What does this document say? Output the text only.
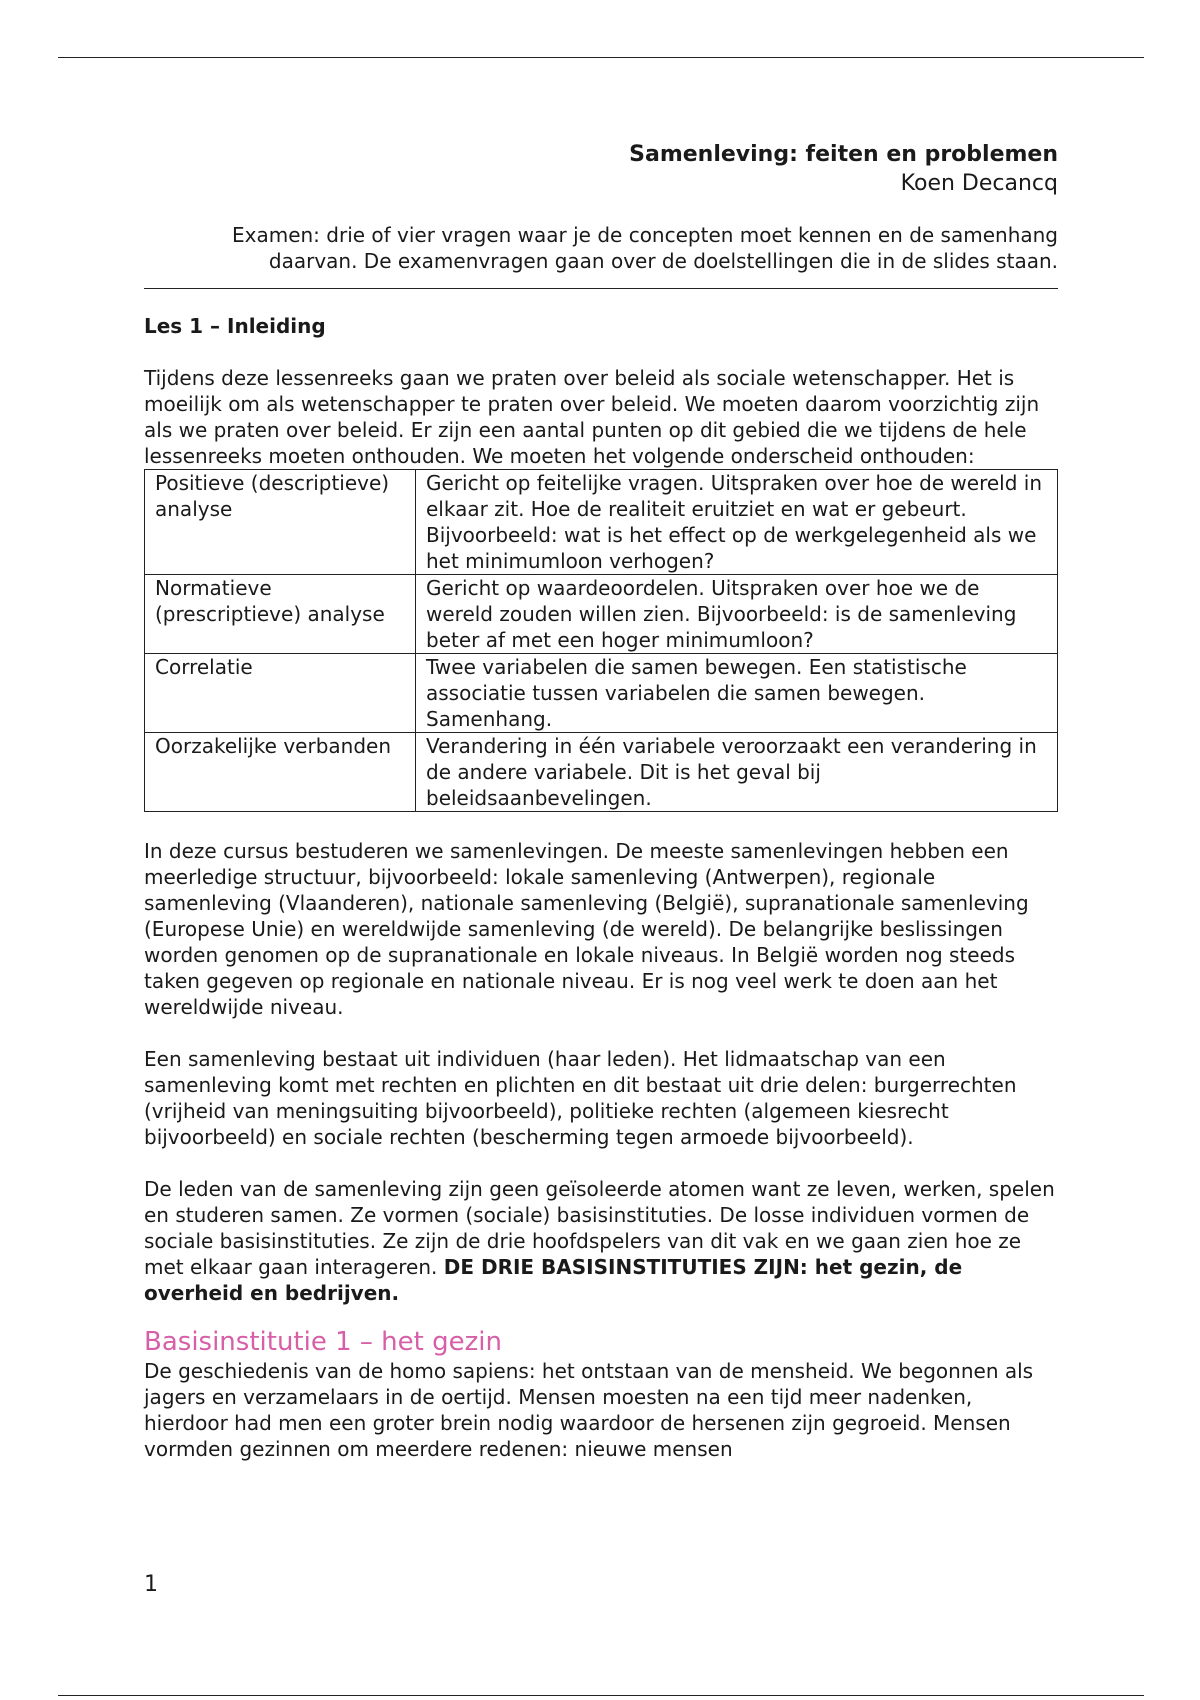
Samenleving: feiten en problemen

Koen Decancq

Examen: drie of vier vragen waar je de concepten moet kennen en de samenhang daarvan. De examenvragen gaan over de doelstellingen die in de slides staan.

Les 1 – Inleiding

Tijdens deze lessenreeks gaan we praten over beleid als sociale wetenschapper. Het is moeilijk om als wetenschapper te praten over beleid. We moeten daarom voorzichtig zijn als we praten over beleid. Er zijn een aantal punten op dit gebied die we tijdens de hele lessenreeks moeten onthouden. We moeten het volgende onderscheid onthouden:

Positieve (descriptieve) analyse	Gericht op feitelijke vragen. Uitspraken over hoe de wereld in elkaar zit. Hoe de realiteit eruitziet en wat er gebeurt. Bijvoorbeeld: wat is het effect op de werkgelegenheid als we het minimumloon verhogen?
Normatieve (prescriptieve) analyse	Gericht op waardeoordelen. Uitspraken over hoe we de wereld zouden willen zien. Bijvoorbeeld: is de samenleving beter af met een hoger minimumloon?
Correlatie	Twee variabelen die samen bewegen. Een statistische associatie tussen variabelen die samen bewegen. Samenhang.
Oorzakelijke verbanden	Verandering in één variabele veroorzaakt een verandering in de andere variabele. Dit is het geval bij beleidsaanbevelingen.

In deze cursus bestuderen we samenlevingen. De meeste samenlevingen hebben een meerledige structuur, bijvoorbeeld: lokale samenleving (Antwerpen), regionale samenleving (Vlaanderen), nationale samenleving (België), supranationale samenleving (Europese Unie) en wereldwijde samenleving (de wereld). De belangrijke beslissingen worden genomen op de supranationale en lokale niveaus. In België worden nog steeds taken gegeven op regionale en nationale niveau. Er is nog veel werk te doen aan het wereldwijde niveau.

Een samenleving bestaat uit individuen (haar leden). Het lidmaatschap van een samenleving komt met rechten en plichten en dit bestaat uit drie delen: burgerrechten (vrijheid van meningsuiting bijvoorbeeld), politieke rechten (algemeen kiesrecht bijvoorbeeld) en sociale rechten (bescherming tegen armoede bijvoorbeeld).

De leden van de samenleving zijn geen geïsoleerde atomen want ze leven, werken, spelen en studeren samen. Ze vormen (sociale) basisinstituties. De losse individuen vormen de sociale basisinstituties. Ze zijn de drie hoofdspelers van dit vak en we gaan zien hoe ze met elkaar gaan interageren. DE DRIE BASISINSTITUTIES ZIJN: het gezin, de overheid en bedrijven.

Basisinstitutie 1 – het gezin

De geschiedenis van de homo sapiens: het ontstaan van de mensheid. We begonnen als jagers en verzamelaars in de oertijd. Mensen moesten na een tijd meer nadenken, hierdoor had men een groter brein nodig waardoor de hersenen zijn gegroeid. Mensen vormden gezinnen om meerdere redenen: nieuwe mensen

1
